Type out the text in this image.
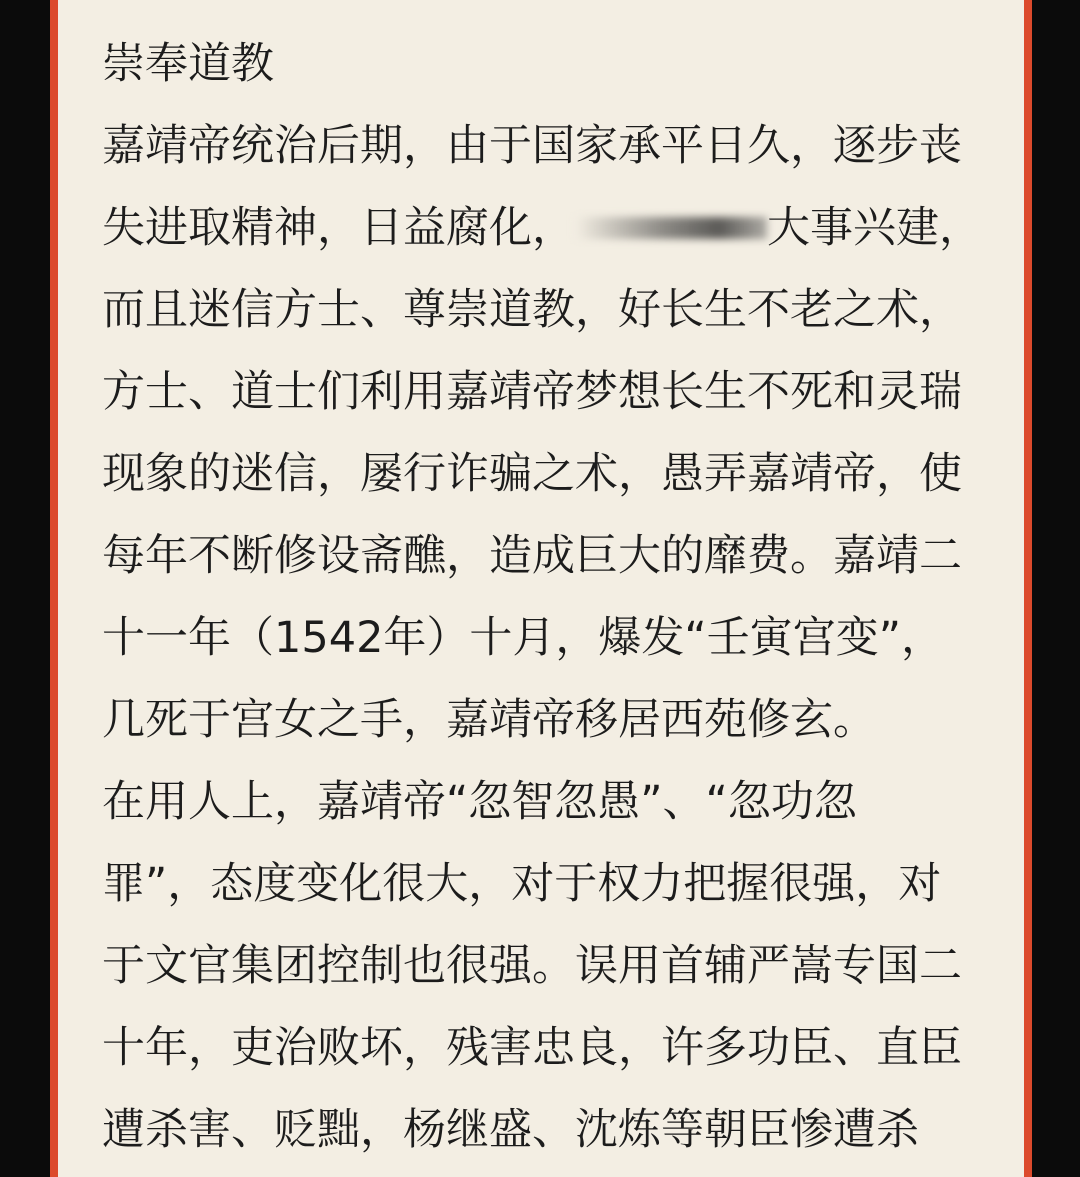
崇奉道教
嘉靖帝统治后期，由于国家承平日久，逐步丧
失进取精神，日益腐化，	大事兴建，
而且迷信方士、尊崇道教，好长生不老之术，
方士、道士们利用嘉靖帝梦想长生不死和灵瑞
现象的迷信，屡行诈骗之术，愚弄嘉靖帝，使
每年不断修设斋醮，造成巨大的靡费。嘉靖二
十一年（1542年）十月，爆发“壬寅宫变”，
几死于宫女之手，嘉靖帝移居西苑修玄。
在用人上，嘉靖帝“忽智忽愚”、“忽功忽
罪”，态度变化很大，对于权力把握很强，对
于文官集团控制也很强。误用首辅严嵩专国二
十年，吏治败坏，残害忠良，许多功臣、直臣
遭杀害、贬黜，杨继盛、沈炼等朝臣惨遭杀
